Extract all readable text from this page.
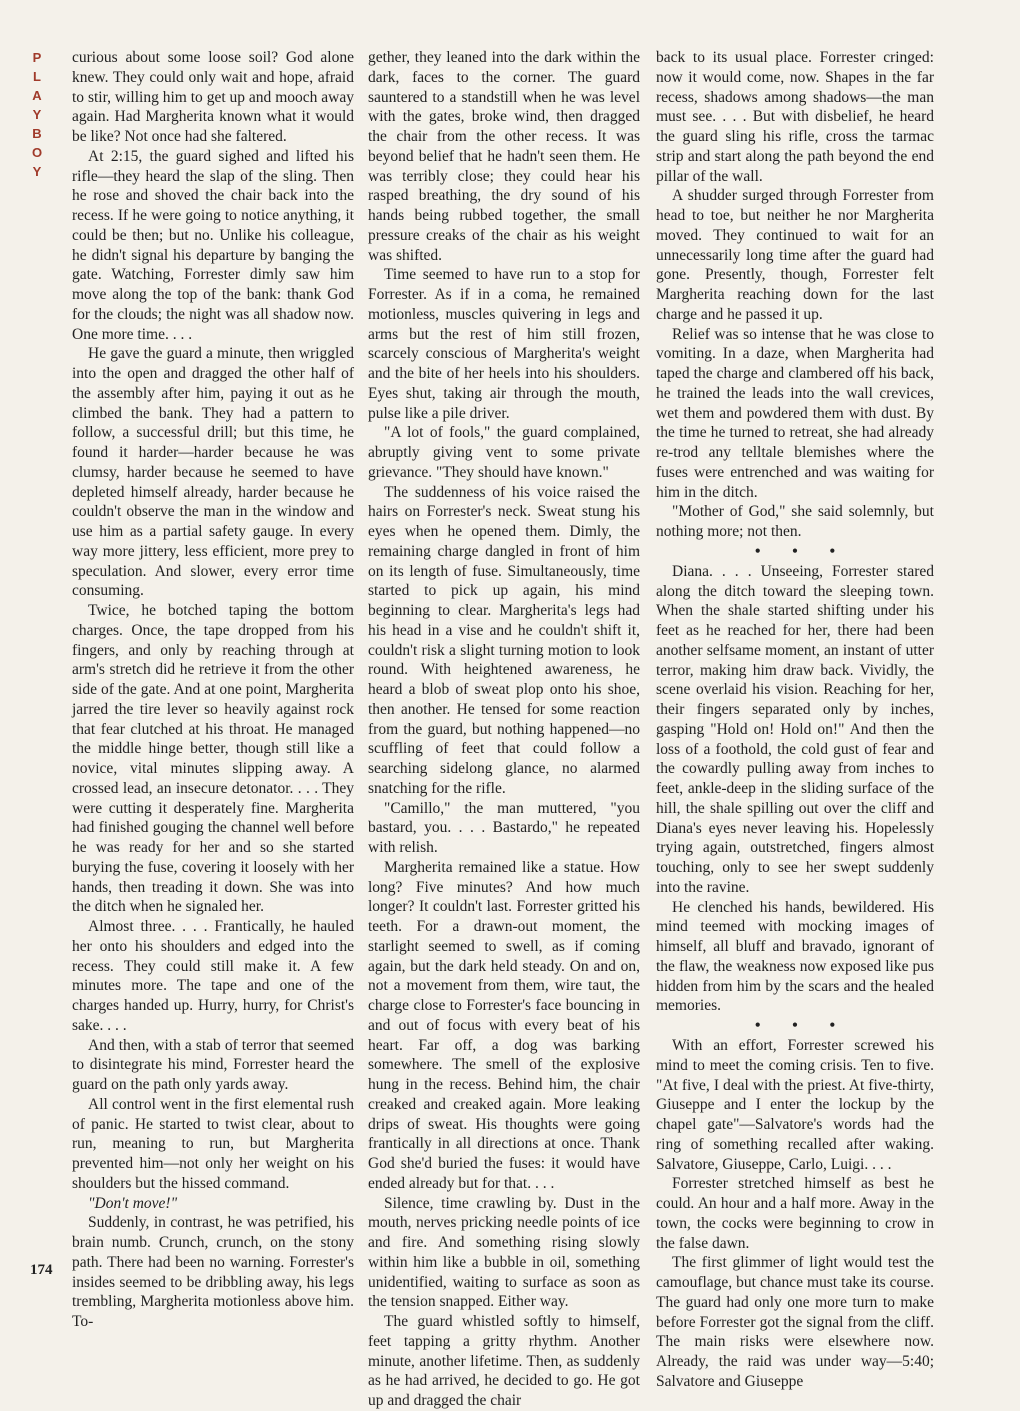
P
L
A
Y
B
O
Y
174

curious about some loose soil? God alone knew. They could only wait and hope, afraid to stir, willing him to get up and mooch away again. Had Margherita known what it would be like? Not once had she faltered.

At 2:15, the guard sighed and lifted his rifle—they heard the slap of the sling. Then he rose and shoved the chair back into the recess. If he were going to notice anything, it could be then; but no. Unlike his colleague, he didn't signal his departure by banging the gate. Watching, Forrester dimly saw him move along the top of the bank: thank God for the clouds; the night was all shadow now. One more time. . . .

He gave the guard a minute, then wriggled into the open and dragged the other half of the assembly after him, paying it out as he climbed the bank. They had a pattern to follow, a successful drill; but this time, he found it harder—harder because he was clumsy, harder because he seemed to have depleted himself already, harder because he couldn't observe the man in the window and use him as a partial safety gauge. In every way more jittery, less efficient, more prey to speculation. And slower, every error time consuming.

Twice, he botched taping the bottom charges. Once, the tape dropped from his fingers, and only by reaching through at arm's stretch did he retrieve it from the other side of the gate. And at one point, Margherita jarred the tire lever so heavily against rock that fear clutched at his throat. He managed the middle hinge better, though still like a novice, vital minutes slipping away. A crossed lead, an insecure detonator. . . . They were cutting it desperately fine. Margherita had finished gouging the channel well before he was ready for her and so she started burying the fuse, covering it loosely with her hands, then treading it down. She was into the ditch when he signaled her.

Almost three. . . . Frantically, he hauled her onto his shoulders and edged into the recess. They could still make it. A few minutes more. The tape and one of the charges handed up. Hurry, hurry, for Christ's sake. . . .

And then, with a stab of terror that seemed to disintegrate his mind, Forrester heard the guard on the path only yards away.

All control went in the first elemental rush of panic. He started to twist clear, about to run, meaning to run, but Margherita prevented him—not only her weight on his shoulders but the hissed command.

"Don't move!"

Suddenly, in contrast, he was petrified, his brain numb. Crunch, crunch, on the stony path. There had been no warning. Forrester's insides seemed to be dribbling away, his legs trembling, Margherita motionless above him. To-

gether, they leaned into the dark within the dark, faces to the corner. The guard sauntered to a standstill when he was level with the gates, broke wind, then dragged the chair from the other recess. It was beyond belief that he hadn't seen them. He was terribly close; they could hear his rasped breathing, the dry sound of his hands being rubbed together, the small pressure creaks of the chair as his weight was shifted.

Time seemed to have run to a stop for Forrester. As if in a coma, he remained motionless, muscles quivering in legs and arms but the rest of him still frozen, scarcely conscious of Margherita's weight and the bite of her heels into his shoulders. Eyes shut, taking air through the mouth, pulse like a pile driver.

"A lot of fools," the guard complained, abruptly giving vent to some private grievance. "They should have known."

The suddenness of his voice raised the hairs on Forrester's neck. Sweat stung his eyes when he opened them. Dimly, the remaining charge dangled in front of him on its length of fuse. Simultaneously, time started to pick up again, his mind beginning to clear. Margherita's legs had his head in a vise and he couldn't shift it, couldn't risk a slight turning motion to look round. With heightened awareness, he heard a blob of sweat plop onto his shoe, then another. He tensed for some reaction from the guard, but nothing happened—no scuffling of feet that could follow a searching sidelong glance, no alarmed snatching for the rifle.

"Camillo," the man muttered, "you bastard, you. . . . Bastardo," he repeated with relish.

Margherita remained like a statue. How long? Five minutes? And how much longer? It couldn't last. Forrester gritted his teeth. For a drawn-out moment, the starlight seemed to swell, as if coming again, but the dark held steady. On and on, not a movement from them, wire taut, the charge close to Forrester's face bouncing in and out of focus with every beat of his heart. Far off, a dog was barking somewhere. The smell of the explosive hung in the recess. Behind him, the chair creaked and creaked again. More leaking drips of sweat. His thoughts were going frantically in all directions at once. Thank God she'd buried the fuses: it would have ended already but for that. . . .

Silence, time crawling by. Dust in the mouth, nerves pricking needle points of ice and fire. And something rising slowly within him like a bubble in oil, something unidentified, waiting to surface as soon as the tension snapped. Either way.

The guard whistled softly to himself, feet tapping a gritty rhythm. Another minute, another lifetime. Then, as suddenly as he had arrived, he decided to go. He got up and dragged the chair

back to its usual place. Forrester cringed: now it would come, now. Shapes in the far recess, shadows among shadows—the man must see. . . . But with disbelief, he heard the guard sling his rifle, cross the tarmac strip and start along the path beyond the end pillar of the wall.

A shudder surged through Forrester from head to toe, but neither he nor Margherita moved. They continued to wait for an unnecessarily long time after the guard had gone. Presently, though, Forrester felt Margherita reaching down for the last charge and he passed it up.

Relief was so intense that he was close to vomiting. In a daze, when Margherita had taped the charge and clambered off his back, he trained the leads into the wall crevices, wet them and powdered them with dust. By the time he turned to retreat, she had already re-trod any telltale blemishes where the fuses were entrenched and was waiting for him in the ditch.

"Mother of God," she said solemnly, but nothing more; not then.

• • •

Diana. . . . Unseeing, Forrester stared along the ditch toward the sleeping town. When the shale started shifting under his feet as he reached for her, there had been another selfsame moment, an instant of utter terror, making him draw back. Vividly, the scene overlaid his vision. Reaching for her, their fingers separated only by inches, gasping "Hold on! Hold on!" And then the loss of a foothold, the cold gust of fear and the cowardly pulling away from inches to feet, ankle-deep in the sliding surface of the hill, the shale spilling out over the cliff and Diana's eyes never leaving his. Hopelessly trying again, outstretched, fingers almost touching, only to see her swept suddenly into the ravine.

He clenched his hands, bewildered. His mind teemed with mocking images of himself, all bluff and bravado, ignorant of the flaw, the weakness now exposed like pus hidden from him by the scars and the healed memories.

• • •

With an effort, Forrester screwed his mind to meet the coming crisis. Ten to five. "At five, I deal with the priest. At five-thirty, Giuseppe and I enter the lockup by the chapel gate"—Salvatore's words had the ring of something recalled after waking. Salvatore, Giuseppe, Carlo, Luigi. . . .

Forrester stretched himself as best he could. An hour and a half more. Away in the town, the cocks were beginning to crow in the false dawn.

The first glimmer of light would test the camouflage, but chance must take its course. The guard had only one more turn to make before Forrester got the signal from the cliff. The main risks were elsewhere now. Already, the raid was under way—5:40; Salvatore and Giuseppe
